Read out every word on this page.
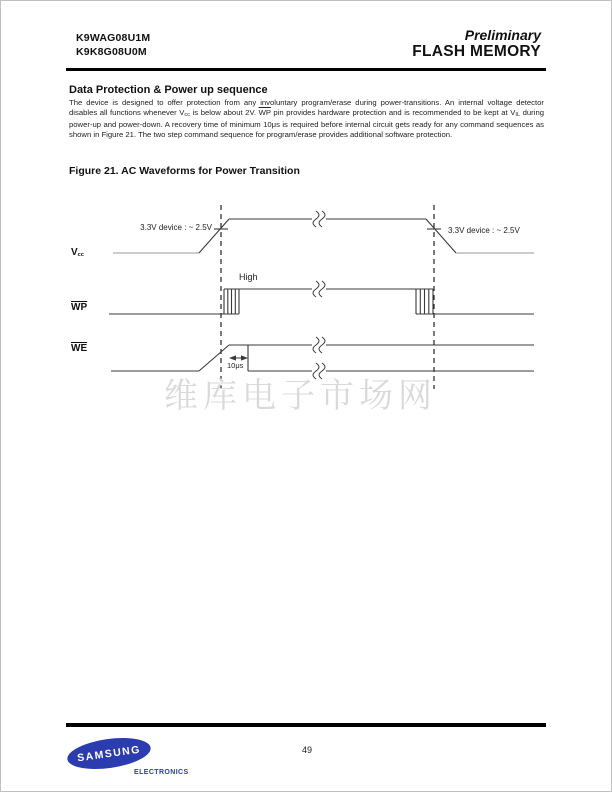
K9WAG08U1M
K9K8G08U0M
Preliminary
FLASH MEMORY
Data Protection & Power up sequence
The device is designed to offer protection from any involuntary program/erase during power-transitions. An internal voltage detector disables all functions whenever Vcc is below about 2V. $\overline{WP}$ pin provides hardware protection and is recommended to be kept at VIL during power-up and power-down. A recovery time of minimum 10μs is required before internal circuit gets ready for any command sequences as shown in Figure 21. The two step command sequence for program/erase provides additional software protection.
Figure 21. AC Waveforms for Power Transition
Vcc
$\overline{WP}$
$\overline{WE}$
3.3V device : ~ 2.5V	3.3V device : ~ 2.5V
High
10μs
维库电子市场网
SAMSUNG
ELECTRONICS
49
